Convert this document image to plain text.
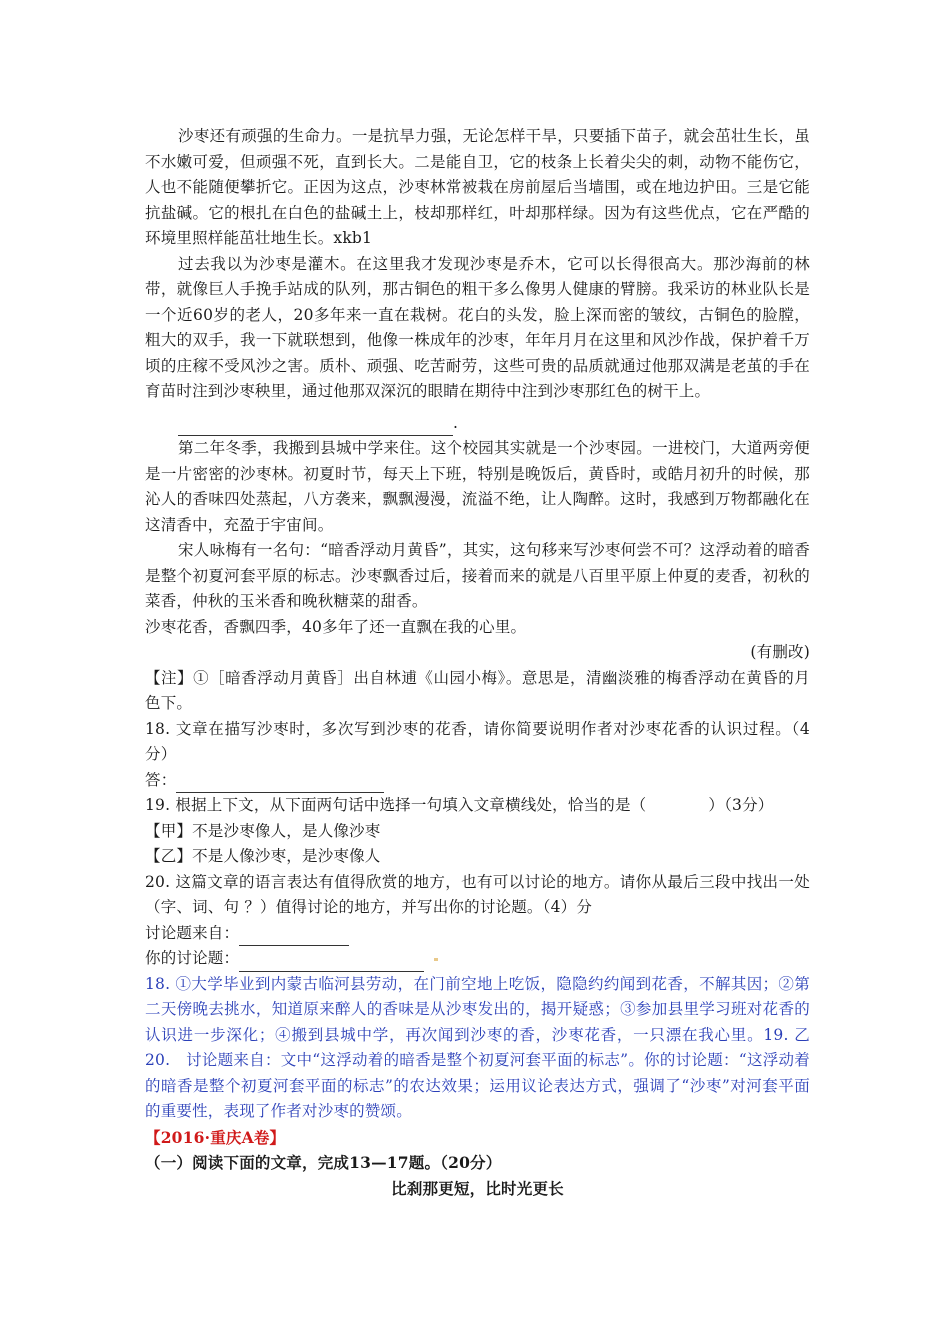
沙枣还有顽强的生命力。一是抗旱力强，无论怎样干旱，只要插下苗子，就会茁壮生长，虽不水嫩可爱，但顽强不死，直到长大。二是能自卫，它的枝条上长着尖尖的刺，动物不能伤它，人也不能随便攀折它。正因为这点，沙枣林常被栽在房前屋后当墙围，或在地边护田。三是它能抗盐碱。它的根扎在白色的盐碱土上，枝却那样红，叶却那样绿。因为有这些优点，它在严酷的环境里照样能茁壮地生长。xkb1

过去我以为沙枣是灌木。在这里我才发现沙枣是乔木，它可以长得很高大。那沙海前的林带，就像巨人手挽手站成的队列，那古铜色的粗干多么像男人健康的臂膀。我采访的林业队长是一个近60岁的老人，20多年来一直在栽树。花白的头发，脸上深而密的皱纹，古铜色的脸膛，粗大的双手，我一下就联想到，他像一株成年的沙枣，年年月月在这里和风沙作战，保护着千万顷的庄稼不受风沙之害。质朴、顽强、吃苦耐劳，这些可贵的品质就通过他那双满是老茧的手在育苗时注到沙枣秧里，通过他那双深沉的眼睛在期待中注到沙枣那红色的树干上。

.

第二年冬季，我搬到县城中学来住。这个校园其实就是一个沙枣园。一进校门，大道两旁便是一片密密的沙枣林。初夏时节，每天上下班，特别是晚饭后，黄昏时，或皓月初升的时候，那沁人的香味四处蒸起，八方袭来，飘飘漫漫，流溢不绝，让人陶醉。这时，我感到万物都融化在这清香中，充盈于宇宙间。

宋人咏梅有一名句：“暗香浮动月黄昏”，其实，这句移来写沙枣何尝不可？这浮动着的暗香是整个初夏河套平原的标志。沙枣飘香过后，接着而来的就是八百里平原上仲夏的麦香，初秋的菜香，仲秋的玉米香和晚秋糖菜的甜香。

沙枣花香，香飘四季，40多年了还一直飘在我的心里。

(有删改)

【注】①［暗香浮动月黄昏］出自林逋《山园小梅》。意思是，清幽淡雅的梅香浮动在黄昏的月色下。

18. 文章在描写沙枣时，多次写到沙枣的花香，请你简要说明作者对沙枣花香的认识过程。（4分）

答：

19. 根据上下文，从下面两句话中选择一句填入文章横线处，恰当的是（	）（3分）

【甲】不是沙枣像人，是人像沙枣

【乙】不是人像沙枣，是沙枣像人

20. 这篇文章的语言表达有值得欣赏的地方，也有可以讨论的地方。请你从最后三段中找出一处（字、词、句 ？）值得讨论的地方，并写出你的讨论题。（4）分

讨论题来自：

你的讨论题：

18. ①大学毕业到内蒙古临河县劳动，在门前空地上吃饭，隐隐约约闻到花香，不解其因；②第二天傍晚去挑水，知道原来醉人的香味是从沙枣发出的，揭开疑惑；③参加县里学习班对花香的认识进一步深化；④搬到县城中学，再次闻到沙枣的香，沙枣花香，一只漂在我心里。19. 乙 20.　讨论题来自：文中“这浮动着的暗香是整个初夏河套平面的标志”。你的讨论题：“这浮动着的暗香是整个初夏河套平面的标志”的农达效果；运用议论表达方式，强调了“沙枣”对河套平面的重要性，表现了作者对沙枣的赞颂。

【2016·重庆A卷】

（一）阅读下面的文章，完成13—17题。（20分）

比刹那更短，比时光更长
